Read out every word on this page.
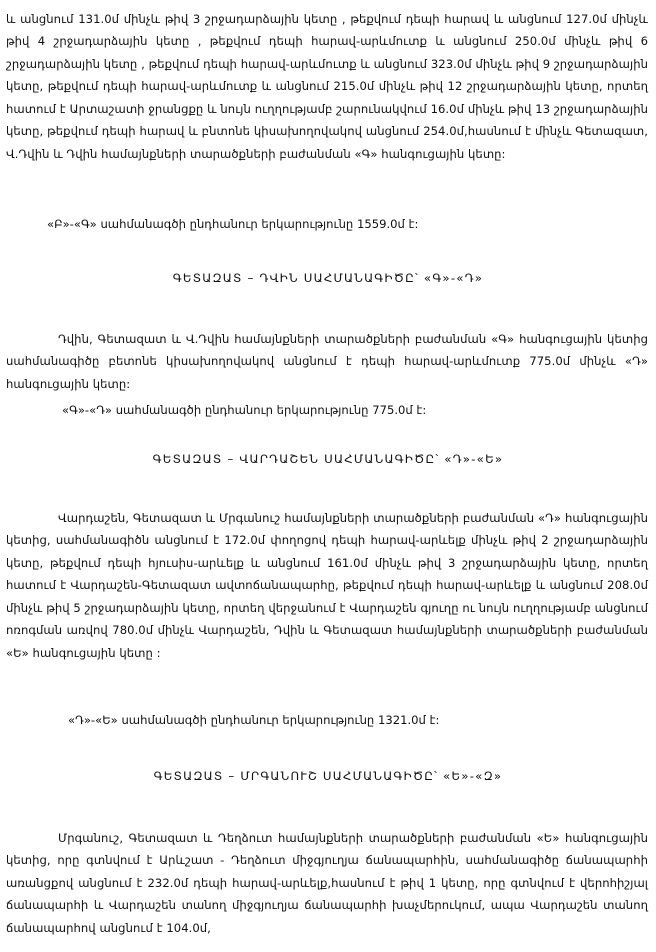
և անցնում 131.0մ մինչև թիվ 3 շրջադարձային կետը , թեքվում դեպի հարավ և անցնում 127.0մ մինչև թիվ 4 շրջադարձային կետը , թեքվում դեպի հարավ-արևմուտք և անցնում 250.0մ մինչև թիվ 6 շրջադարձային կետը , թեքվում դեպի հարավ-արևմուտք և անցնում 323.0մ մինչև թիվ 9 շրջադարձային կետը, թեքվում դեպի հարավ-արևմուտք և անցնում 215.0մ մինչև թիվ 12 շրջադարձային կետը, որտեղ հատում է Արտաշատի ջրանցքը և նույն ուղղությամբ շարունակվում 16.0մ մինչև թիվ 13 շրջադարձային կետը, թեքվում դեպի հարավ և բնտոնե կիսախողովակով անցնում 254.0մ,հասնում է մինչև Գետազատ, Վ.Դվին և Դվին համայնքների տարածքների բաժանման «Գ» հանգուցային կետը:

«Բ»-«Գ» սահմանագծի ընդհանուր երկարությունը 1559.0մ է:
ԳԵՏԱԶԱՏ – ԴՎԻՆ ՍԱՀՄԱՆԱԳԻԾԸ՝ «Գ»-«Դ»

Դվին, Գետազատ և Վ.Դվին համայնքների տարածքների բաժանման «Գ» հանգուցային կետից սահմանագիծը բետոնե կիսախողովակով անցնում է դեպի հարավ-արևմուտք 775.0մ մինչև «Դ» հանգուցային կետը:

«Գ»-«Դ» սահմանագծի ընդհանուր երկարությունը 775.0մ է:
ԳԵՏԱԶԱՏ – ՎԱՐԴԱՇԵՆ ՍԱՀՄԱՆԱԳԻԾԸ՝ «Դ»-«Ե»

Վարդաշեն, Գետազատ և Մրգանուշ համայնքների տարածքների բաժանման «Դ» հանգուցային կետից, սահմանագիծն անցնում է 172.0մ փողոցով դեպի հարավ-արևելք մինչև թիվ 2 շրջադարձային կետը, թեքվում դեպի հյուսիս-արևելք և անցնում 161.0մ մինչև թիվ 3 շրջադարձային կետը, որտեղ հատում է Վարդաշեն-Գետազատ ավտոճանապարհը, թեքվում դեպի հարավ-արևելք և անցնում 208.0մ մինչև թիվ 5 շրջադարձային կետը, որտեղ վերջանում է Վարդաշեն գյուղը ու նույն ուղղությամբ անցնում ոռոգման առվով 780.0մ մինչև Վարդաշեն, Դվին և Գետազատ համայնքների տարածքների բաժանման «Ե» հանգուցային կետը :

«Դ»-«Ե» սահմանագծի ընդհանուր երկարությունը 1321.0մ է:
ԳԵՏԱԶԱՏ – ՄՐԳԱՆՈՒՇ ՍԱՀՄԱՆԱԳԻԾԸ՝ «Ե»-«Զ»

Մրգանուշ, Գետազատ և Դեղձուտ համայնքների տարածքների բաժանման «Ե» հանգուցային կետից, որը գտնվում է Արևշատ - Դեղձուտ միջգյուղյա ճանապարհին, սահմանագիծը ճանապարհի առանցքով անցնում է 232.0մ դեպի հարավ-արևելք,հասնում է թիվ 1 կետը, որը գտնվում է վերոհիշյալ ճանապարհի և Վարդաշեն տանող միջգյուղյա ճանապարհի խաչմերուկում, ապա Վարդաշեն տանող ճանապարհով անցնում է 104.0մ,
